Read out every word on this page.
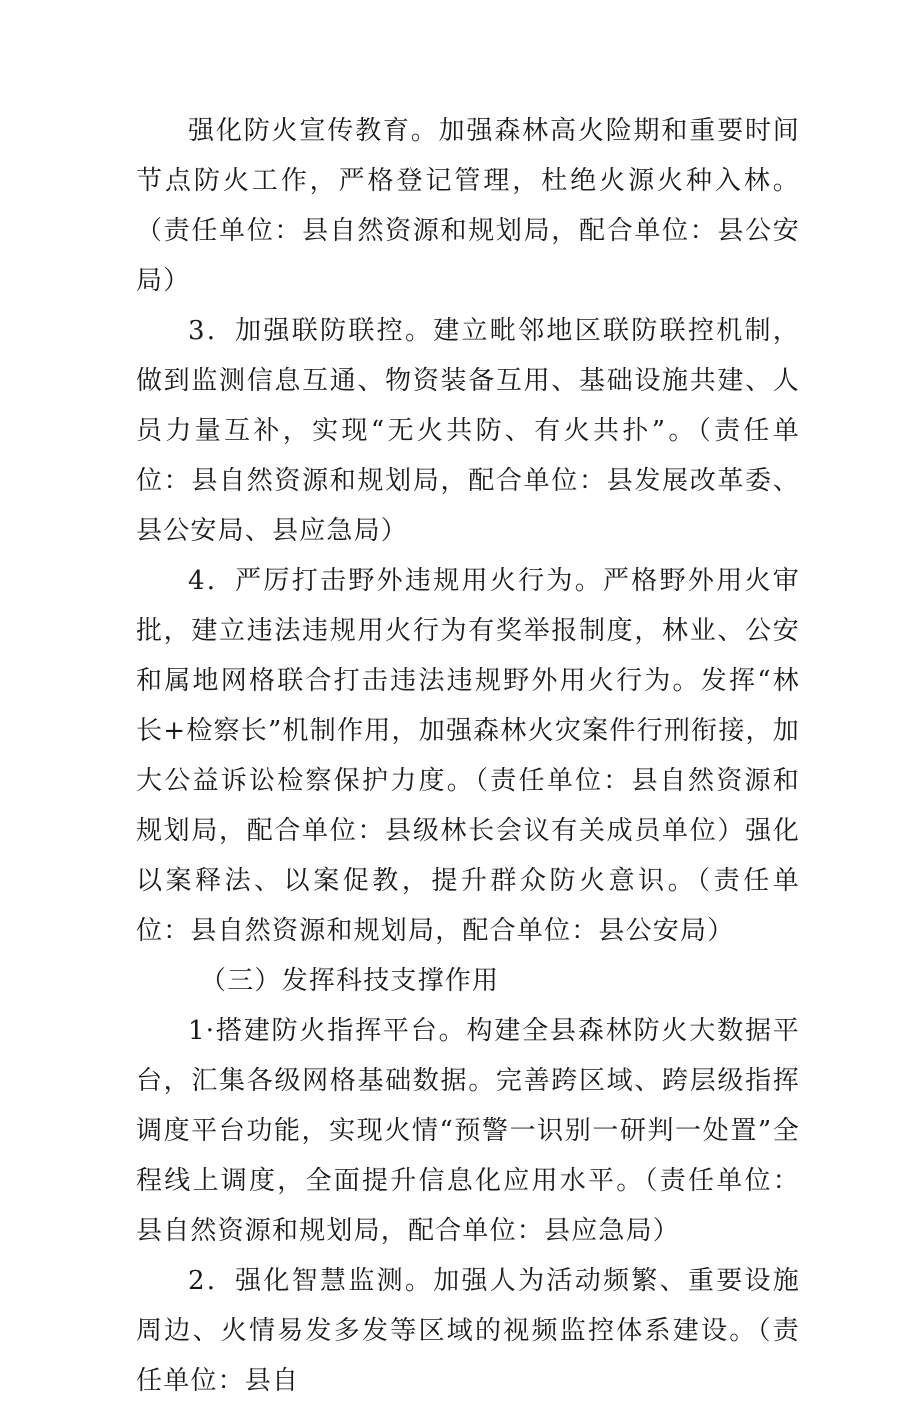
强化防火宣传教育。加强森林高火险期和重要时间节点防火工作，严格登记管理，杜绝火源火种入林。（责任单位：县自然资源和规划局，配合单位：县公安局）

3．加强联防联控。建立毗邻地区联防联控机制，做到监测信息互通、物资装备互用、基础设施共建、人员力量互补，实现“无火共防、有火共扑”。（责任单位：县自然资源和规划局，配合单位：县发展改革委、县公安局、县应急局）

4．严厉打击野外违规用火行为。严格野外用火审批，建立违法违规用火行为有奖举报制度，林业、公安和属地网格联合打击违法违规野外用火行为。发挥“林长+检察长”机制作用，加强森林火灾案件行刑衔接，加大公益诉讼检察保护力度。（责任单位：县自然资源和规划局，配合单位：县级林长会议有关成员单位）强化以案释法、以案促教，提升群众防火意识。（责任单位：县自然资源和规划局，配合单位：县公安局）

（三）发挥科技支撑作用

1·搭建防火指挥平台。构建全县森林防火大数据平台，汇集各级网格基础数据。完善跨区域、跨层级指挥调度平台功能，实现火情“预警一识别一研判一处置”全程线上调度，全面提升信息化应用水平。（责任单位：县自然资源和规划局，配合单位：县应急局）

2．强化智慧监测。加强人为活动频繁、重要设施周边、火情易发多发等区域的视频监控体系建设。（责任单位：县自
